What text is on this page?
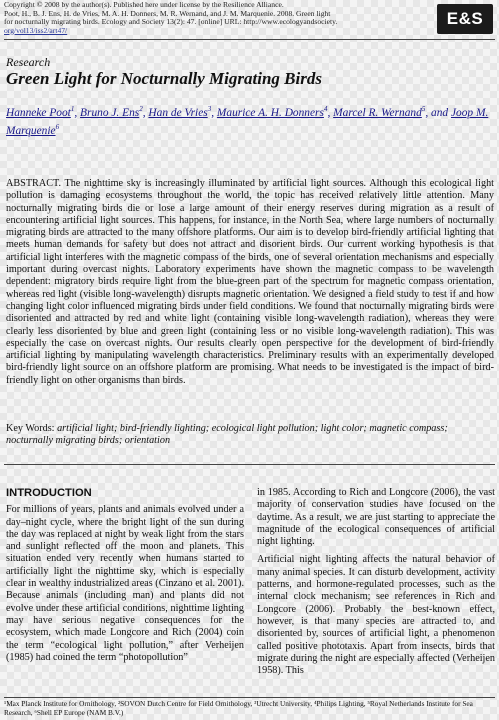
Copyright © 2008 by the author(s). Published here under license by the Resilience Alliance.
Poot, H., B. J. Ens, H. de Vries, M. A. H. Donners, M. R. Wernand, and J. M. Marquenie. 2008. Green light
for nocturnally migrating birds. Ecology and Society 13(2): 47. [online] URL: http://www.ecologyandsociety.
org/vol13/iss2/art47/
E&S
Research
Green Light for Nocturnally Migrating Birds
Hanneke Poot$^1$, Bruno J. Ens$^2$, Han de Vries$^3$, Maurice A. H. Donners$^4$, Marcel R. Wernand$^5$, and Joop M. Marquenie$^6$

ABSTRACT. The nighttime sky is increasingly illuminated by artificial light sources. Although this ecological light pollution is damaging ecosystems throughout the world, the topic has received relatively little attention. Many nocturnally migrating birds die or lose a large amount of their energy reserves during migration as a result of encountering artificial light sources. This happens, for instance, in the North Sea, where large numbers of nocturnally migrating birds are attracted to the many offshore platforms. Our aim is to develop bird-friendly artificial lighting that meets human demands for safety but does not attract and disorient birds. Our current working hypothesis is that artificial light interferes with the magnetic compass of the birds, one of several orientation mechanisms and especially important during overcast nights. Laboratory experiments have shown the magnetic compass to be wavelength dependent: migratory birds require light from the blue-green part of the spectrum for magnetic compass orientation, whereas red light (visible long-wavelength) disrupts magnetic orientation. We designed a field study to test if and how changing light color influenced migrating birds under field conditions. We found that nocturnally migrating birds were disoriented and attracted by red and white light (containing visible long-wavelength radiation), whereas they were clearly less disoriented by blue and green light (containing less or no visible long-wavelength radiation). This was especially the case on overcast nights. Our results clearly open perspective for the development of bird-friendly artificial lighting by manipulating wavelength characteristics. Preliminary results with an experimentally developed bird-friendly light source on an offshore platform are promising. What needs to be investigated is the impact of bird-friendly light on other organisms than birds.

Key Words: artificial light; bird-friendly lighting; ecological light pollution; light color; magnetic compass; nocturnally migrating birds; orientation

INTRODUCTION

For millions of years, plants and animals evolved under a day–night cycle, where the bright light of the sun during the day was replaced at night by weak light from the stars and sunlight reflected off the moon and planets. This situation ended very recently when humans started to artificially light the nighttime sky, which is especially clear in wealthy industrialized areas (Cinzano et al. 2001). Because animals (including man) and plants did not evolve under these artificial conditions, nighttime lighting may have serious negative consequences for the ecosystem, which made Longcore and Rich (2004) coin the term “ecological light pollution,” after Verheijen (1985) had coined the term “photopollution”

in 1985. According to Rich and Longcore (2006), the vast majority of conservation studies have focused on the daytime. As a result, we are just starting to appreciate the magnitude of the ecological consequences of artificial night lighting.

Artificial night lighting affects the natural behavior of many animal species. It can disturb development, activity patterns, and hormone-regulated processes, such as the internal clock mechanism; see references in Rich and Longcore (2006). Probably the best-known effect, however, is that many species are attracted to, and disoriented by, sources of artificial light, a phenomenon called positive phototaxis. Apart from insects, birds that migrate during the night are especially affected (Verheijen 1958). This

¹Max Planck Institute for Ornithology, ²SOVON Dutch Centre for Field Ornithology, ³Utrecht University, ⁴Philips Lighting, ⁵Royal Netherlands Institute for Sea Research, ⁶Shell EP Europe (NAM B.V.)
